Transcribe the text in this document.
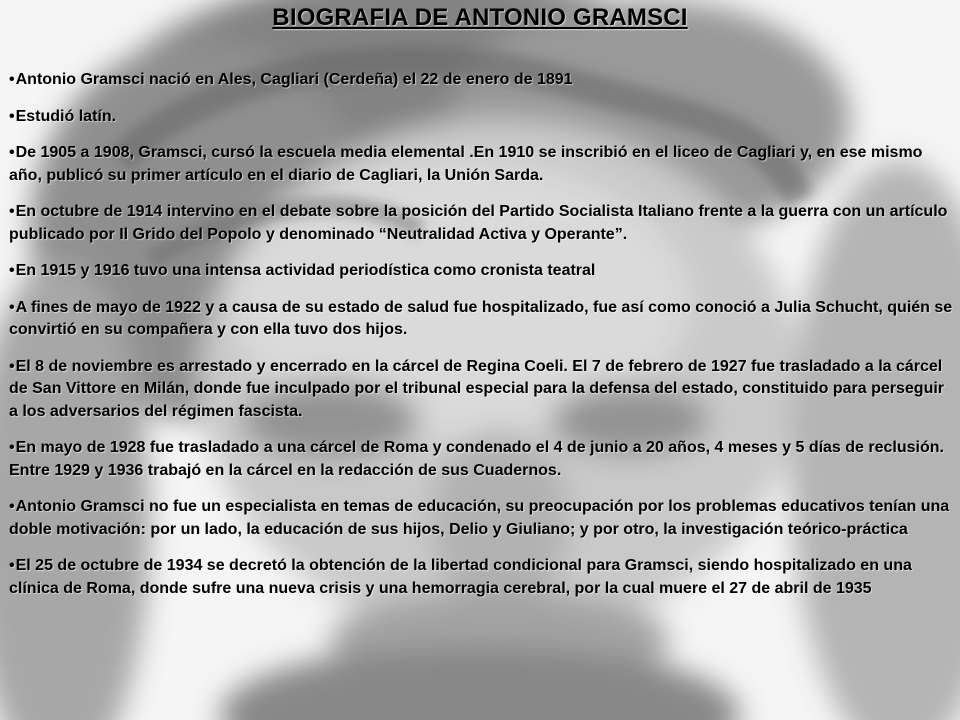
BIOGRAFIA DE ANTONIO GRAMSCI
•Antonio Gramsci nació en Ales, Cagliari (Cerdeña) el 22 de enero de 1891
•Estudió latín.
•De 1905 a 1908, Gramsci, cursó la escuela media elemental .En 1910 se inscribió en el liceo de Cagliari y, en ese mismo año, publicó su primer artículo en el diario de Cagliari, la Unión Sarda.
•En octubre de 1914 intervino en el debate sobre la posición del Partido Socialista Italiano frente a la guerra con un artículo publicado por Il Grido del Popolo y denominado “Neutralidad Activa y Operante”.
•En 1915 y 1916 tuvo una intensa actividad periodística como cronista teatral
•A fines de mayo de 1922 y a causa de su estado de salud fue hospitalizado, fue así como conoció a Julia Schucht, quién se convirtió en su compañera y con ella tuvo dos hijos.
•El 8 de noviembre es arrestado y encerrado en la cárcel de Regina Coeli. El 7 de febrero de 1927 fue trasladado a la cárcel de San Vittore en Milán, donde fue inculpado por el tribunal especial para la defensa del estado, constituido para perseguir a los adversarios del régimen fascista.
•En mayo de 1928 fue trasladado a una cárcel de Roma y condenado el 4 de junio a 20 años, 4 meses y 5 días de reclusión. Entre 1929 y 1936 trabajó en la cárcel en la redacción de sus Cuadernos.
•Antonio Gramsci no fue un especialista en temas de educación, su preocupación por los problemas educativos tenían una doble motivación: por un lado, la educación de sus hijos, Delio y Giuliano; y por otro, la investigación teórico-práctica
•El 25 de octubre de 1934 se decretó la obtención de la libertad condicional para Gramsci, siendo hospitalizado en una clínica de Roma, donde sufre una nueva crisis y una hemorragia cerebral, por la cual muere el 27 de abril de 1935
